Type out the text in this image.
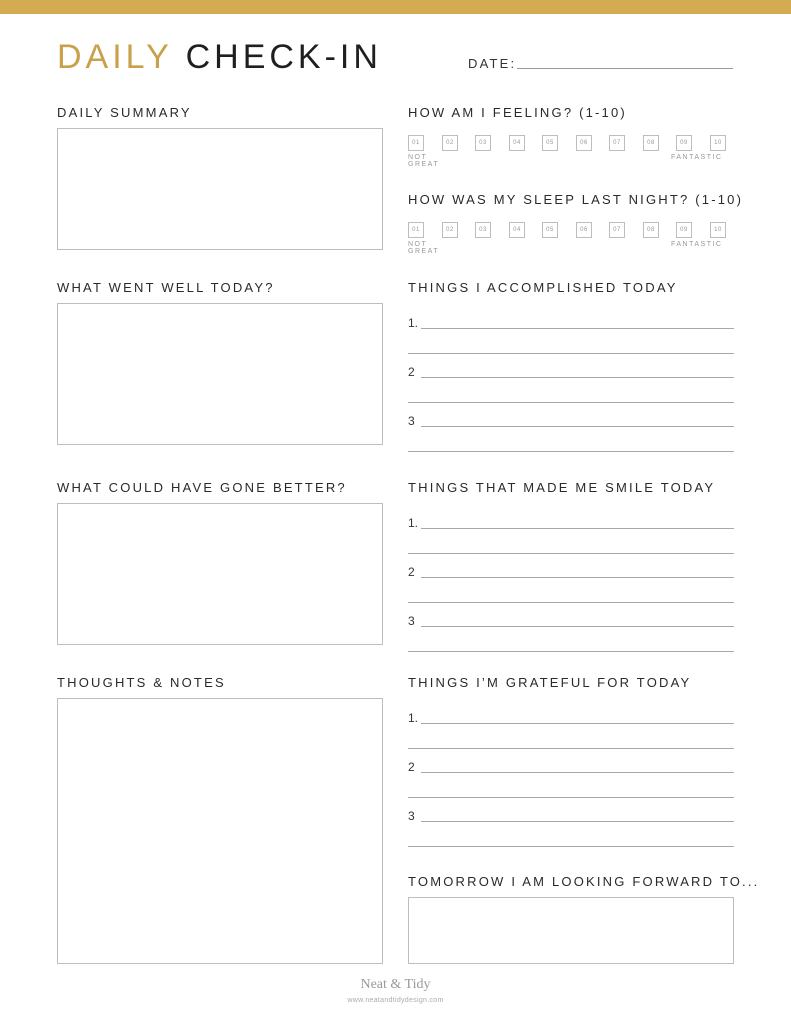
DAILY CHECK-IN	DATE:
DAILY SUMMARY
WHAT WENT WELL TODAY?
WHAT COULD HAVE GONE BETTER?
THOUGHTS & NOTES
HOW AM I FEELING? (1-10)
01	02	03	04	05	06	07	08	09	10
NOT GREAT
FANTASTIC
HOW WAS MY SLEEP LAST NIGHT? (1-10)
01	02	03	04	05	06	07	08	09	10
NOT GREAT
FANTASTIC
THINGS I ACCOMPLISHED TODAY
THINGS THAT MADE ME SMILE TODAY
THINGS I’M GRATEFUL FOR TODAY
TOMORROW I AM LOOKING FORWARD TO...
Neat & Tidy
www.neatandtidydesign.com
1.
2
3
1.
2
3
1.
2
3
